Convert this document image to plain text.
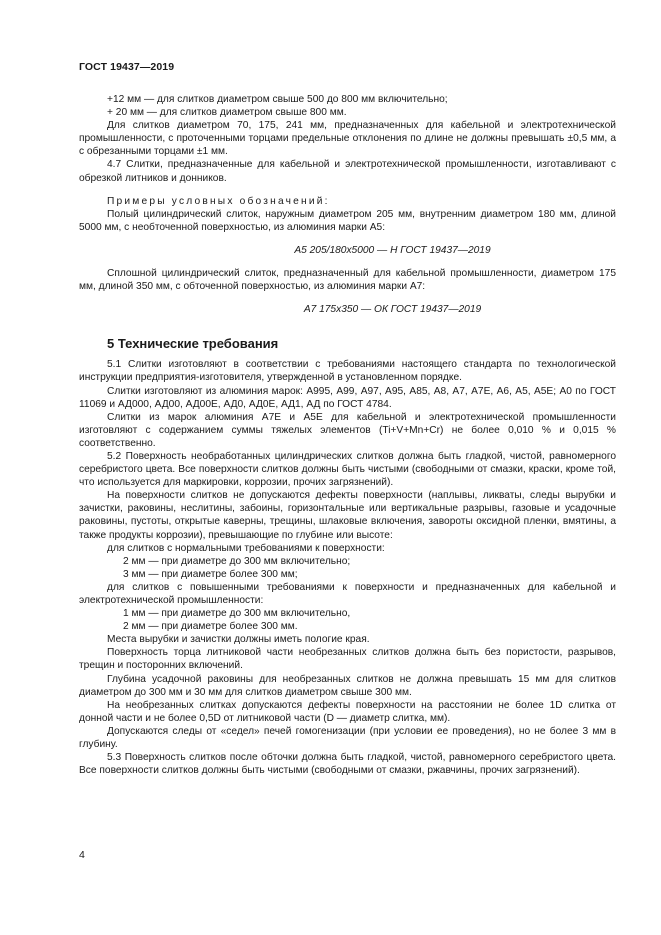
ГОСТ 19437—2019

+12 мм — для слитков диаметром свыше 500 до 800 мм включительно;

+ 20 мм — для слитков диаметром свыше 800 мм.

Для слитков диаметром 70, 175, 241 мм, предназначенных для кабельной и электротехнической промышленности, с проточенными торцами предельные отклонения по длине не должны превышать ±0,5 мм, а с обрезанными торцами ±1 мм.

4.7 Слитки, предназначенные для кабельной и электротехнической промышленности, изготавливают с обрезкой литников и донников.

Примеры условных обозначений:

Полый цилиндрический слиток, наружным диаметром 205 мм, внутренним диаметром 180 мм, длиной 5000 мм, с необточенной поверхностью, из алюминия марки А5:

А5 205/180х5000 — Н ГОСТ 19437—2019

Сплошной цилиндрический слиток, предназначенный для кабельной промышленности, диаметром 175 мм, длиной 350 мм, с обточенной поверхностью, из алюминия марки А7:

А7 175х350 — ОК ГОСТ 19437—2019

5 Технические требования

5.1 Слитки изготовляют в соответствии с требованиями настоящего стандарта по технологической инструкции предприятия-изготовителя, утвержденной в установленном порядке.

Слитки изготовляют из алюминия марок: А995, А99, А97, А95, А85, А8, А7, А7Е, А6, А5, А5Е; А0 по ГОСТ 11069 и АД000, АД00, АД00Е, АД0, АД0Е, АД1, АД по ГОСТ 4784.

Слитки из марок алюминия А7Е и А5Е для кабельной и электротехнической промышленности изготовляют с содержанием суммы тяжелых элементов (Ti+V+Mn+Cr) не более 0,010 % и 0,015 % соответственно.

5.2 Поверхность необработанных цилиндрических слитков должна быть гладкой, чистой, равномерного серебристого цвета. Все поверхности слитков должны быть чистыми (свободными от смазки, краски, кроме той, что используется для маркировки, коррозии, прочих загрязнений).

На поверхности слитков не допускаются дефекты поверхности (наплывы, ликваты, следы вырубки и зачистки, раковины, неслитины, забоины, горизонтальные или вертикальные разрывы, газовые и усадочные раковины, пустоты, открытые каверны, трещины, шлаковые включения, завороты оксидной пленки, вмятины, а также продукты коррозии), превышающие по глубине или высоте:

для слитков с нормальными требованиями к поверхности:

2 мм — при диаметре до 300 мм включительно;

3 мм — при диаметре более 300 мм;

для слитков с повышенными требованиями к поверхности и предназначенных для кабельной и электротехнической промышленности:

1 мм — при диаметре до 300 мм включительно,

2 мм — при диаметре более 300 мм.

Места вырубки и зачистки должны иметь пологие края.

Поверхность торца литниковой части необрезанных слитков должна быть без пористости, разрывов, трещин и посторонних включений.

Глубина усадочной раковины для необрезанных слитков не должна превышать 15 мм для слитков диаметром до 300 мм и 30 мм для слитков диаметром свыше 300 мм.

На необрезанных слитках допускаются дефекты поверхности на расстоянии не более 1D слитка от донной части и не более 0,5D от литниковой части (D — диаметр слитка, мм).

Допускаются следы от «седел» печей гомогенизации (при условии ее проведения), но не более 3 мм в глубину.

5.3 Поверхность слитков после обточки должна быть гладкой, чистой, равномерного серебристого цвета. Все поверхности слитков должны быть чистыми (свободными от смазки, ржавчины, прочих загрязнений).

4
